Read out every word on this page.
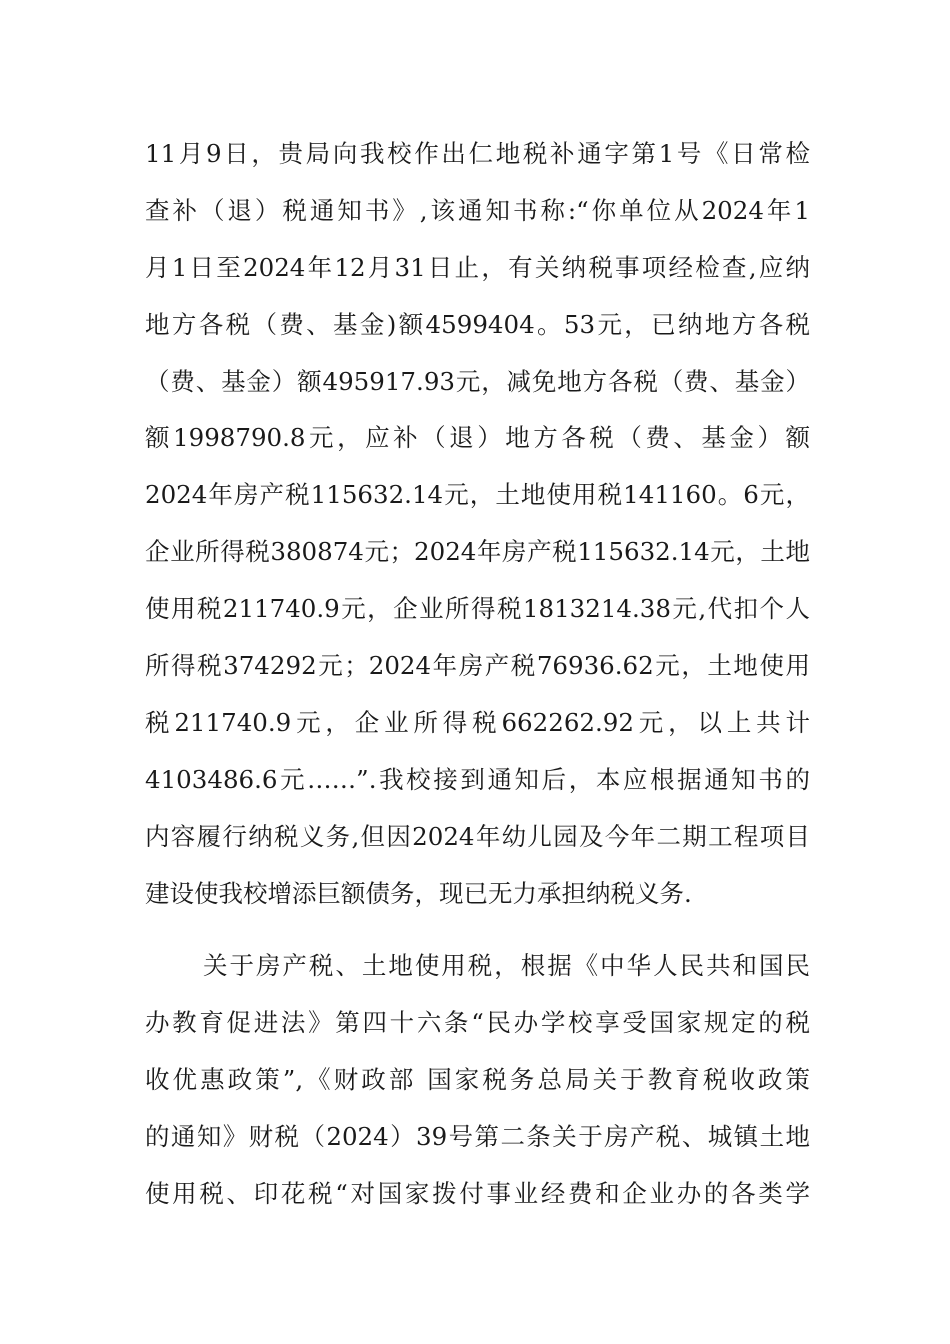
11月9日，贵局向我校作出仁地税补通字第1号《日常检
查补（退）税通知书》,该通知书称:“你单位从2024年1
月1日至2024年12月31日止，有关纳税事项经检查,应纳
地方各税（费、基金)额4599404。53元，已纳地方各税
（费、基金）额495917.93元，减免地方各税（费、基金）
额1998790.8元，应补（退）地方各税（费、基金）额
2024年房产税115632.14元，土地使用税141160。6元，
企业所得税380874元；2024年房产税115632.14元，土地
使用税211740.9元，企业所得税1813214.38元,代扣个人
所得税374292元；2024年房产税76936.62元，土地使用
税211740.9元，企业所得税662262.92元，以上共计
4103486.6元……”.我校接到通知后，本应根据通知书的
内容履行纳税义务,但因2024年幼儿园及今年二期工程项目
建设使我校增添巨额债务，现已无力承担纳税义务.
关于房产税、土地使用税，根据《中华人民共和国民
办教育促进法》第四十六条“民办学校享受国家规定的税
收优惠政策”,《财政部 国家税务总局关于教育税收政策
的通知》财税（2024）39号第二条关于房产税、城镇土地
使用税、印花税“对国家拨付事业经费和企业办的各类学
